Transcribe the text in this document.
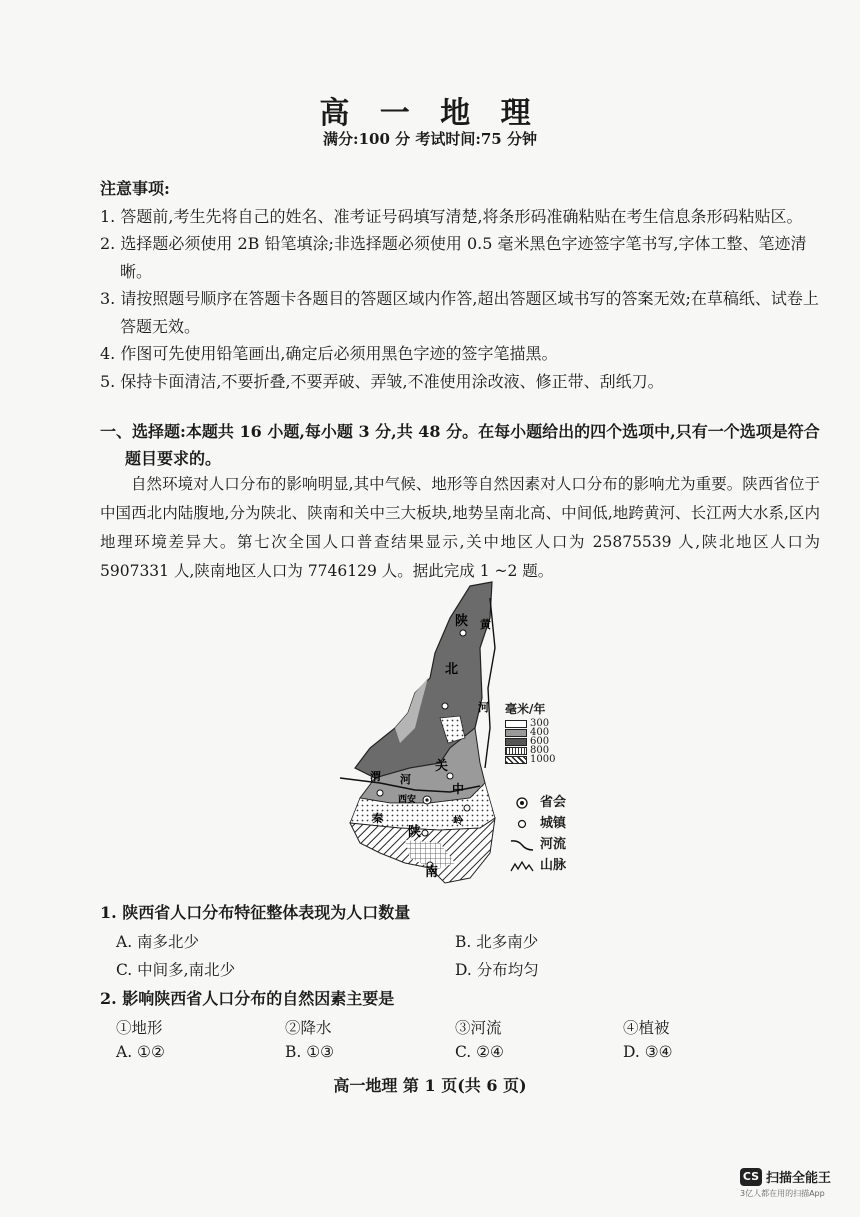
高 一 地 理
满分:100 分 考试时间:75 分钟
注意事项:
1. 答题前,考生先将自己的姓名、准考证号码填写清楚,将条形码准确粘贴在考生信息条形码粘贴区。
2. 选择题必须使用 2B 铅笔填涂;非选择题必须使用 0.5 毫米黑色字迹签字笔书写,字体工整、笔迹清晰。
3. 请按照题号顺序在答题卡各题目的答题区域内作答,超出答题区域书写的答案无效;在草稿纸、试卷上答题无效。
4. 作图可先使用铅笔画出,确定后必须用黑色字迹的签字笔描黑。
5. 保持卡面清洁,不要折叠,不要弄破、弄皱,不准使用涂改液、修正带、刮纸刀。
一、选择题:本题共 16 小题,每小题 3 分,共 48 分。在每小题给出的四个选项中,只有一个选项是符合题目要求的。
自然环境对人口分布的影响明显,其中气候、地形等自然因素对人口分布的影响尤为重要。陕西省位于中国西北内陆腹地,分为陕北、陕南和关中三大板块,地势呈南北高、中间低,地跨黄河、长江两大水系,区内地理环境差异大。第七次全国人口普查结果显示,关中地区人口为 25875539 人,陕北地区人口为 5907331 人,陕南地区人口为 7746129 人。据此完成 1 ~2 题。
陕 黄
北
河
关
中
渭 河
西安
秦	岭
陕
南
毫米/年
300
400
600
800
1000
省会
城镇
河流
山脉
1. 陕西省人口分布特征整体表现为人口数量
A. 南多北少	B. 北多南少
C. 中间多,南北少	D. 分布均匀
2. 影响陕西省人口分布的自然因素主要是
①地形	②降水	③河流	④植被
A. ①②	B. ①③	C. ②④	D. ③④
高一地理 第 1 页(共 6 页)
CS 扫描全能王
3亿人都在用的扫描App
